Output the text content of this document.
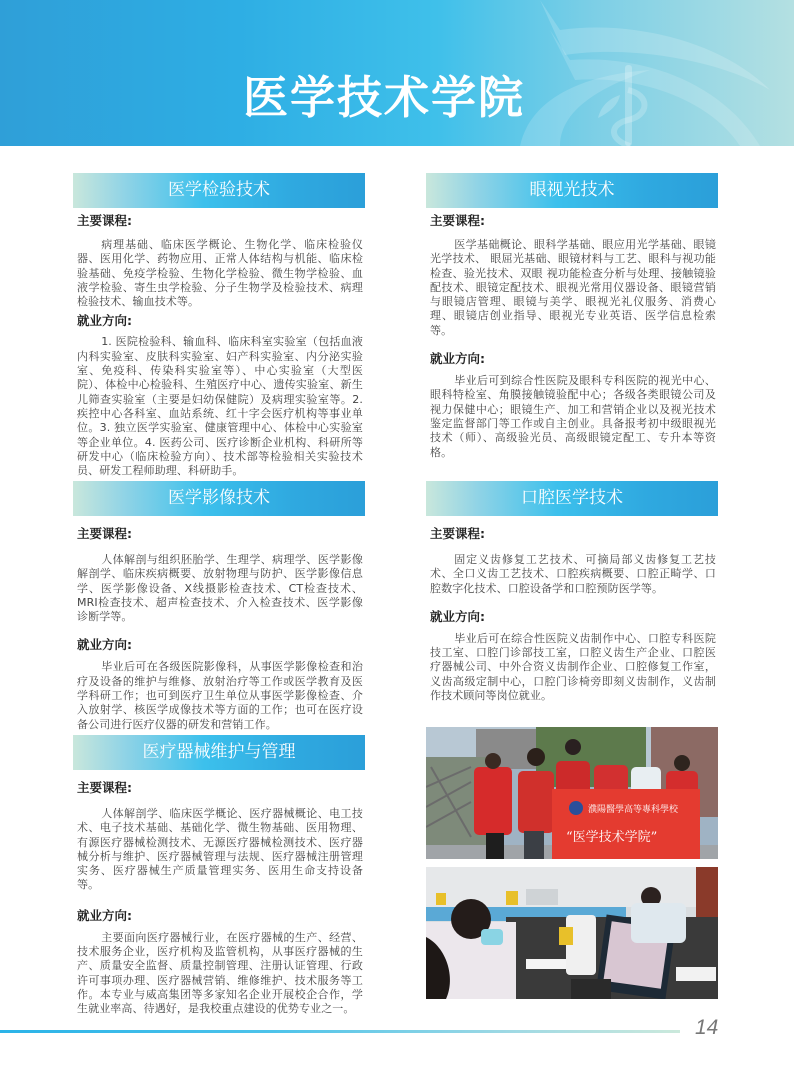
医学技术学院
医学检验技术
主要课程:
病理基础、临床医学概论、生物化学、临床检验仪器、医用化学、药物应用、正常人体结构与机能、临床检验基础、免疫学检验、生物化学检验、微生物学检验、血液学检验、寄生虫学检验、分子生物学及检验技术、病理检验技术、输血技术等。
就业方向:
1. 医院检验科、输血科、临床科室实验室（包括血液内科实验室、皮肤科实验室、妇产科实验室、内分泌实验室、免疫科、传染科实验室等）、中心实验室（大型医院）、体检中心检验科、生殖医疗中心、遗传实验室、新生儿筛查实验室（主要是妇幼保健院）及病理实验室等。2. 疾控中心各科室、血站系统、红十字会医疗机构等事业单位。3. 独立医学实验室、健康管理中心、体检中心实验室等企业单位。4. 医药公司、医疗诊断企业机构、科研所等研发中心（临床检验方向）、技术部等检验相关实验技术员、研发工程师助理、科研助手。
医学影像技术
主要课程:
人体解剖与组织胚胎学、生理学、病理学、医学影像解剖学、临床疾病概要、放射物理与防护、医学影像信息学、医学影像设备、X线摄影检查技术、CT检查技术、MRI检查技术、超声检查技术、介入检查技术、医学影像诊断学等。
就业方向:
毕业后可在各级医院影像科，从事医学影像检查和治疗及设备的维护与维修、放射治疗等工作或医学教育及医学科研工作；也可到医疗卫生单位从事医学影像检查、介入放射学、核医学成像技术等方面的工作；也可在医疗设备公司进行医疗仪器的研发和营销工作。
医疗器械维护与管理
主要课程:
人体解剖学、临床医学概论、医疗器械概论、电工技术、电子技术基础、基础化学、微生物基础、医用物理、有源医疗器械检测技术、无源医疗器械检测技术、医疗器械分析与维护、医疗器械管理与法规、医疗器械注册管理实务、医疗器械生产质量管理实务、医用生命支持设备等。
就业方向:
主要面向医疗器械行业，在医疗器械的生产、经营、技术服务企业，医疗机构及监管机构，从事医疗器械的生产、质量安全监督、质量控制管理、注册认证管理、行政许可事项办理、医疗器械营销、维修维护、技术服务等工作。本专业与威高集团等多家知名企业开展校企合作，学生就业率高、待遇好，是我校重点建设的优势专业之一。
眼视光技术
主要课程:
医学基础概论、眼科学基础、眼应用光学基础、眼镜光学技术、 眼屈光基础、眼镜材料与工艺、眼科与视功能检查、验光技术、双眼 视功能检查分析与处理、接触镜验配技术、眼镜定配技术、眼视光常用仪器设备、眼镜营销与眼镜店管理、眼镜与美学、眼视光礼仪服务、消费心理、眼镜店创业指导、眼视光专业英语、医学信息检索等。
就业方向:
毕业后可到综合性医院及眼科专科医院的视光中心、眼科特检室、角膜接触镜验配中心；各级各类眼镜公司及视力保健中心；眼镜生产、加工和营销企业以及视光技术鉴定监督部门等工作或自主创业。具备报考初中级眼视光技术（师）、高级验光员、高级眼镜定配工、专升本等资格。
口腔医学技术
主要课程:
固定义齿修复工艺技术、可摘局部义齿修复工艺技术、全口义齿工艺技术、口腔疾病概要、口腔正畸学、口腔数字化技术、口腔设备学和口腔预防医学等。
就业方向:
毕业后可在综合性医院义齿制作中心、口腔专科医院技工室、口腔门诊部技工室，口腔义齿生产企业、口腔医疗器械公司、中外合资义齿制作企业、口腔修复工作室，义齿高级定制中心，口腔门诊椅旁即刻义齿制作，义齿制作技术顾问等岗位就业。
濮陽醫學高等專科學校
“医学技术学院”
14
